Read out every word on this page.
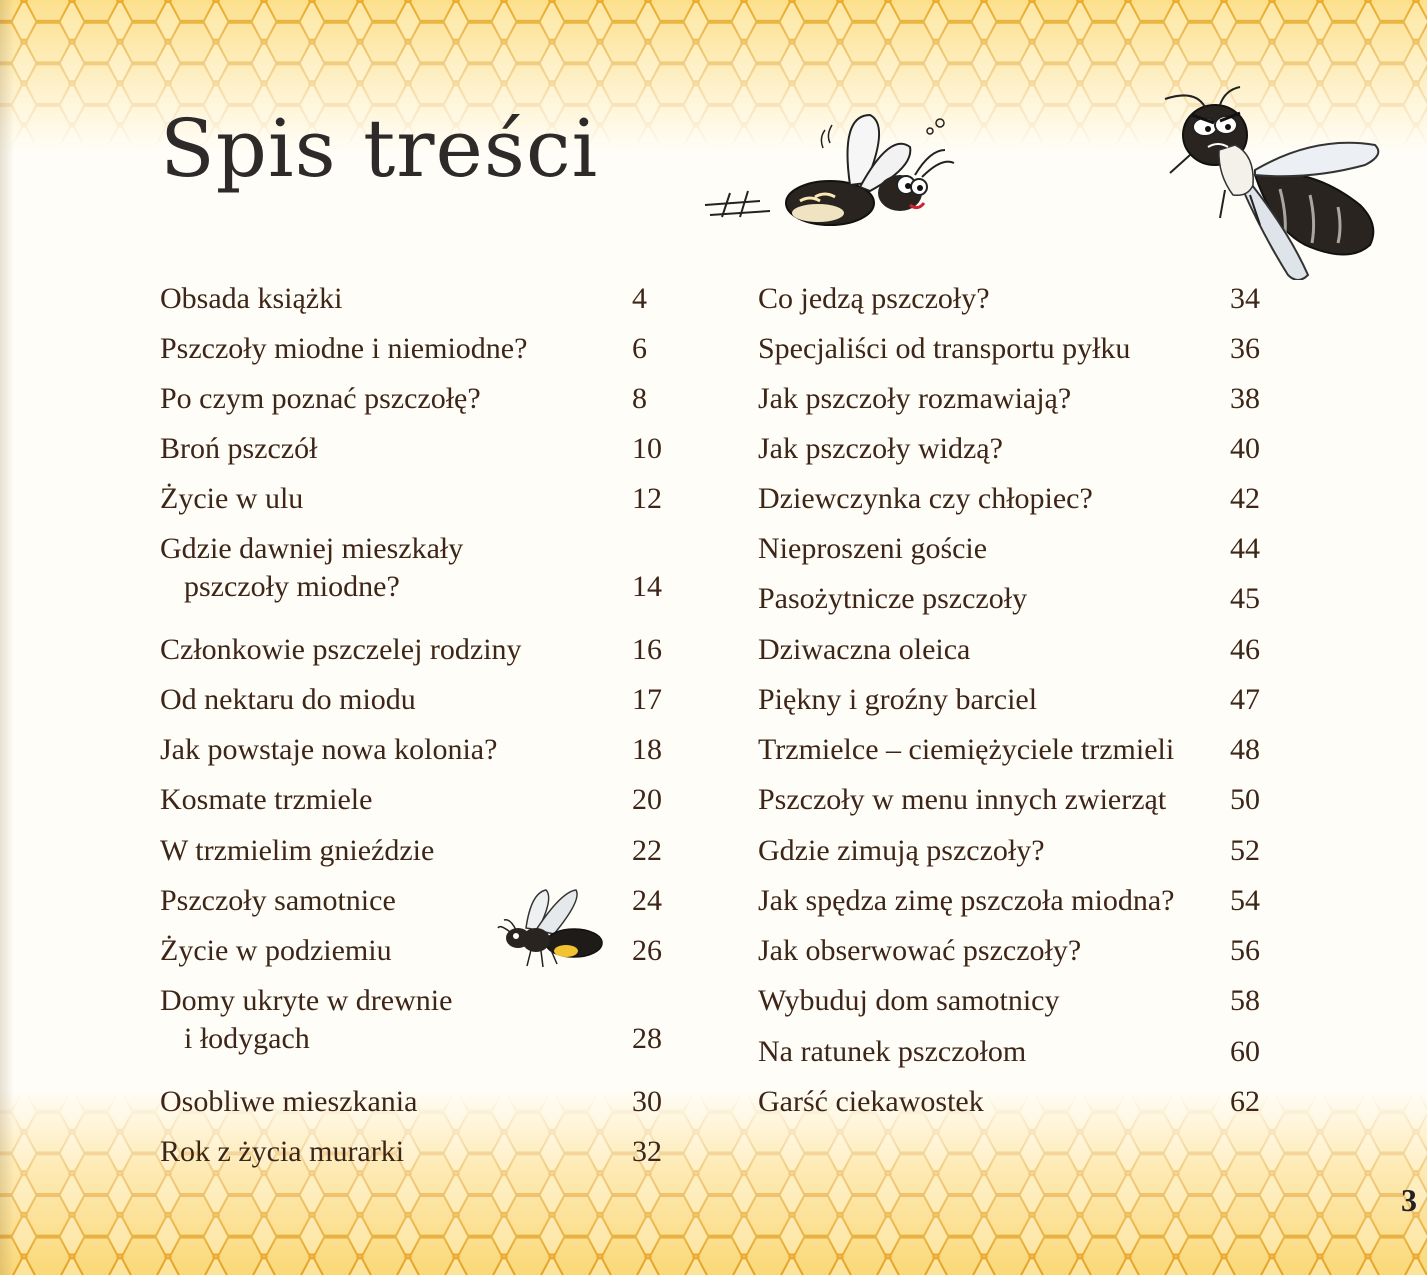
Spis treści
Obsada książki	4
Pszczoły miodne i niemiodne?	6
Po czym poznać pszczołę?	8
Broń pszczół	10
Życie w ulu	12
Gdzie dawniej mieszkały
pszczoły miodne?	14
Członkowie pszczelej rodziny	16
Od nektaru do miodu	17
Jak powstaje nowa kolonia?	18
Kosmate trzmiele	20
W trzmielim gnieździe	22
Pszczoły samotnice	24
Życie w podziemiu	26
Domy ukryte w drewnie
i łodygach	28
Osobliwe mieszkania	30
Rok z życia murarki	32
Co jedzą pszczoły?	34
Specjaliści od transportu pyłku	36
Jak pszczoły rozmawiają?	38
Jak pszczoły widzą?	40
Dziewczynka czy chłopiec?	42
Nieproszeni goście	44
Pasożytnicze pszczoły	45
Dziwaczna oleica	46
Piękny i groźny barciel	47
Trzmielce – ciemiężyciele trzmieli 48
Pszczoły w menu innych zwierząt 50
Gdzie zimują pszczoły?	52
Jak spędza zimę pszczoła miodna? 54
Jak obserwować pszczoły?	56
Wybuduj dom samotnicy	58
Na ratunek pszczołom	60
Garść ciekawostek	62
3
